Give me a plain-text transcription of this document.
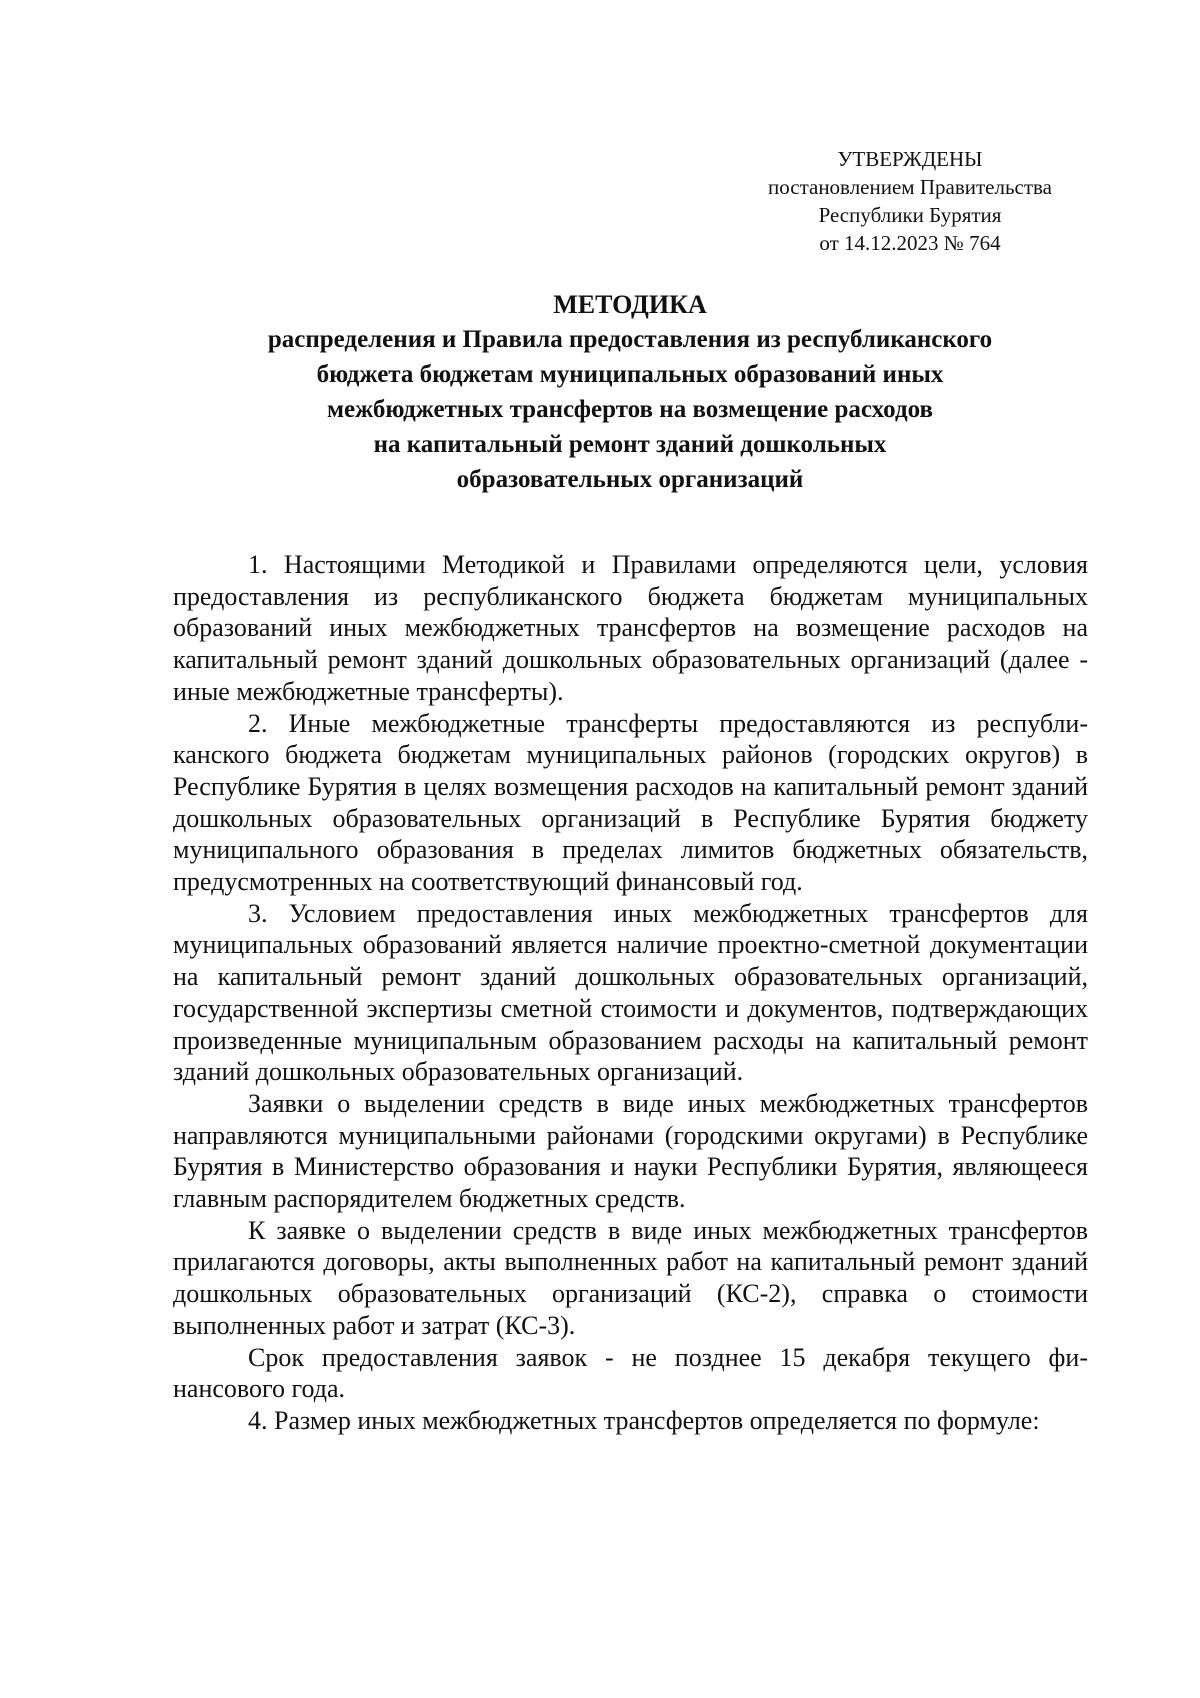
УТВЕРЖДЕНЫ
постановлением Правительства
Республики Бурятия
от 14.12.2023 № 764
МЕТОДИКА
распределения и Правила предоставления из республиканского
бюджета бюджетам муниципальных образований иных
межбюджетных трансфертов на возмещение расходов
на капитальный ремонт зданий дошкольных
образовательных организаций

1. Настоящими Методикой и Правилами определяются цели, условия предоставления из республиканского бюджета бюджетам муниципальных образований иных межбюджетных трансфертов на возмещение расходов на капитальный ремонт зданий дошкольных образовательных организаций (далее - иные межбюджетные трансферты).

2. Иные межбюджетные трансферты предоставляются из республиканского бюджета бюджетам муниципальных районов (городских округов) в Республике Бурятия в целях возмещения расходов на капитальный ремонт зданий дошкольных образовательных организаций в Республике Бурятия бюджету муниципального образования в пределах лимитов бюджетных обязательств, предусмотренных на соответствующий финансовый год.

3. Условием предоставления иных межбюджетных трансфертов для муниципальных образований является наличие проектно-сметной документации на капитальный ремонт зданий дошкольных образовательных организаций, государственной экспертизы сметной стоимости и документов, подтверждающих произведенные муниципальным образованием расходы на капитальный ремонт зданий дошкольных образовательных организаций.

Заявки о выделении средств в виде иных межбюджетных трансфертов направляются муниципальными районами (городскими округами) в Республике Бурятия в Министерство образования и науки Республики Бурятия, являющееся главным распорядителем бюджетных средств.

К заявке о выделении средств в виде иных межбюджетных трансфертов прилагаются договоры, акты выполненных работ на капитальный ремонт зданий дошкольных образовательных организаций (КС-2), справка о стоимости выполненных работ и затрат (КС-3).

Срок предоставления заявок - не позднее 15 декабря текущего финансового года.

4. Размер иных межбюджетных трансфертов определяется по формуле:
